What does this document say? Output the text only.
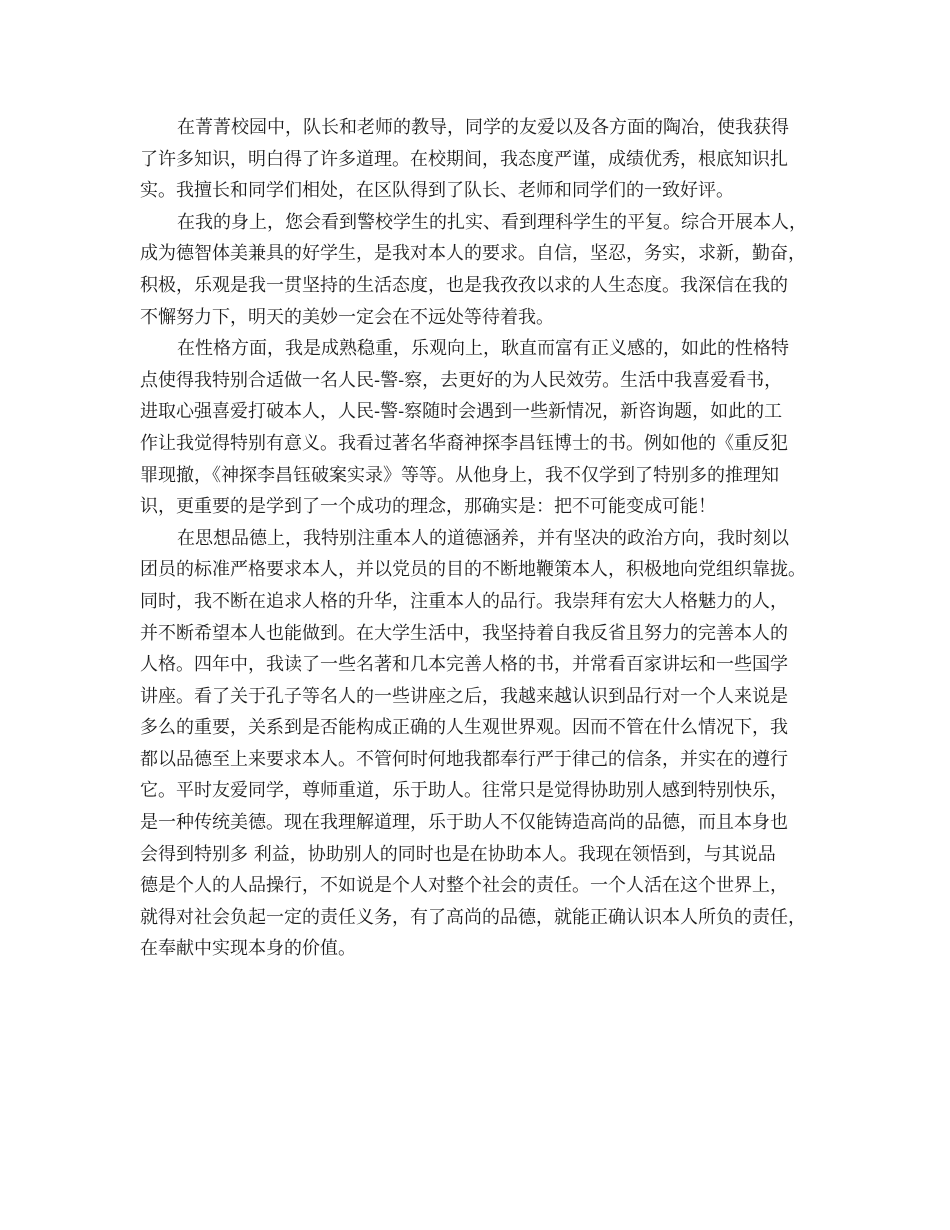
在菁菁校园中，队长和老师的教导，同学的友爱以及各方面的陶冶，使我获得
了许多知识，明白得了许多道理。在校期间，我态度严谨，成绩优秀，根底知识扎
实。我擅长和同学们相处，在区队得到了队长、老师和同学们的一致好评。
在我的身上，您会看到警校学生的扎实、看到理科学生的平复。综合开展本人，
成为德智体美兼具的好学生，是我对本人的要求。自信，坚忍，务实，求新，勤奋，
积极，乐观是我一贯坚持的生活态度，也是我孜孜以求的人生态度。我深信在我的
不懈努力下，明天的美妙一定会在不远处等待着我。
在性格方面，我是成熟稳重，乐观向上，耿直而富有正义感的，如此的性格特
点使得我特别合适做一名人民-警-察，去更好的为人民效劳。生活中我喜爱看书，
进取心强喜爱打破本人，人民-警-察随时会遇到一些新情况，新咨询题，如此的工
作让我觉得特别有意义。我看过著名华裔神探李昌钰博士的书。例如他的《重反犯
罪现撤，《神探李昌钰破案实录》等等。从他身上，我不仅学到了特别多的推理知
识，更重要的是学到了一个成功的理念，那确实是：把不可能变成可能！
在思想品德上，我特别注重本人的道德涵养，并有坚决的政治方向，我时刻以
团员的标准严格要求本人，并以党员的目的不断地鞭策本人，积极地向党组织靠拢。
同时，我不断在追求人格的升华，注重本人的品行。我崇拜有宏大人格魅力的人，
并不断希望本人也能做到。在大学生活中，我坚持着自我反省且努力的完善本人的
人格。四年中，我读了一些名著和几本完善人格的书，并常看百家讲坛和一些国学
讲座。看了关于孔子等名人的一些讲座之后，我越来越认识到品行对一个人来说是
多么的重要，关系到是否能构成正确的人生观世界观。因而不管在什么情况下，我
都以品德至上来要求本人。不管何时何地我都奉行严于律己的信条，并实在的遵行
它。平时友爱同学，尊师重道，乐于助人。往常只是觉得协助别人感到特别快乐，
是一种传统美德。现在我理解道理，乐于助人不仅能铸造高尚的品德，而且本身也
会得到特别多 利益，协助别人的同时也是在协助本人。我现在领悟到，与其说品
德是个人的人品操行，不如说是个人对整个社会的责任。一个人活在这个世界上，
就得对社会负起一定的责任义务，有了高尚的品德，就能正确认识本人所负的责任，
在奉献中实现本身的价值。
